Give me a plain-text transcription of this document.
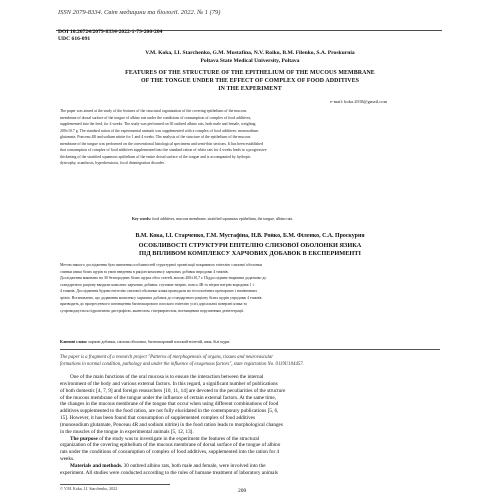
ISSN 2079-8334. Світ медицини та біології. 2022. № 1 (79)
DOI 10.26724/2079-8334-2022-1-79-200-204
UDC 616-091
V.M. Koka, I.I. Starchenko, G.M. Mustafina, N.V. Roiko, B.M. Filenko, S.A. Proskurnia
Poltava State Medical University, Poltava
FEATURES OF THE STRUCTURE OF THE EPITHELIUM OF THE MUCOUS MEMBRANE
OF THE TONGUE UNDER THE EFFECT OF COMPLEX OF FOOD ADDITIVES
IN THE EXPERIMENT
e-mail: koka.2018@gmail.com
The paper was aimed at the study of the features of the structural organization of the covering epithelium of the mucous
membrane of dorsal surface of the tongue of albino rats under the conditions of consumption of complex of food additives,
supplemented into the feed, for 4 weeks. The study was performed on 30 outbred albino rats, both male and female, weighing
200±10.7 g. The standard ration of the experimental animals was supplemented with a complex of food additives: monosodium
glutamate, Ponceau 4R and sodium nitrite for 1 and 4 weeks. The analysis of the structure of the epithelium of the mucous
membrane of the tongue was performed on the conventional histological specimens and semi-thin sections. It has been established
that consumption of complex of food additives supplemented into the standard ration of white rats for 4 weeks leads to a progressive
thickening of the stratified squamous epithelium of the entire dorsal surface of the tongue and is accompanied by hydropic
dystrophy, acanthosis, hyperkeratosis, focal disintegration disorder.
Key words: food additives, mucous membrane, stratified squamous epithelium, the tongue, albino rats.
В.М. Кока, І.І. Старченко, Г.М. Мустафіна, Н.В. Ройко, Б.М. Філенко, С.А. Проскурня
ОСОБЛИВОСТІ СТРУКТУРИ ЕПІТЕЛІЮ СЛИЗОВОЇ ОБОЛОНКИ ЯЗИКА
ПІД ВПЛИВОМ КОМПЛЕКСУ ХАРЧОВИХ ДОБАВОК В ЕКСПЕРИМЕНТІ
Метою нашого дослідження було вивчення особливостей структурної організації покривного епітелію слизової оболонки
спинки язика білих щурів за умов введення в раціон комплексу харчових добавок впродовж 4 тижнів.
Дослідження виконано на 30 безпородних білих щурах обох статей, масою 200±10,7 г. Піддослідним тваринам додатково до
стандартного раціону вводили комплекс харчових добавок: глутамат натрію, понсо 4R та нітрит натрію впродовж 1 і
4 тижнів. Дослідження будови епітелію слизової оболонки язика проводили на гістологічних препаратах і напівтонких
зрізах. Встановлено, що додавання комплексу харчових добавок до стандартного раціону білих щурів упродовж 4 тижнів
призводить до прогресуючого потовщення багатошарового плоского епітелію усієї дорсальної поверхні язика та
супроводжується гідропічною дистрофією, акантозом, гіперкератозом, вогнищевим порушенням дезінтеграції.
Ключові слова: харчові добавки, слизова оболонка, багатошаровий плоский епітелій, язик, білі щури.
The paper is a fragment of a research project "Patterns of morphogenesis of organs, tissues and neurovascular
formations in normal condition, pathology and under the influence of exogenous factors", state registration No. 0119U104457.
One of the main functions of the oral mucosa is to ensure the interaction between the internal
environment of the body and various external factors. In this regard, a significant number of publications
of both domestic [4, 7, 9] and foreign researchers [10, 11, 14] are devoted to the peculiarities of the structure
of the mucous membrane of the tongue under the influence of certain external factors. At the same time,
the changes in the mucous membrane of the tongue that occur when using different combinations of food
additives supplemented to the food ration, are not fully elucidated in the contemporary publications [5, 6,
15]. However, it has been found that consumption of supplemented complex of food additives
(monosodium glutamate, Ponceau 4R and sodium nitrite) in the food ration leads to morphological changes
in the muscles of the tongue in experimental animals [5, 12, 13].
The purpose of the study was to investigate in the experiment the features of the structural
organization of the covering epithelium of the mucous membrane of dorsal surface of the tongue of albino
rats under the conditions of consumption of complex of food additives, supplemented into the ration for 4
weeks.
Materials and methods. 30 outbred albino rats, both male and female, were involved into the
experiment. All studies were conducted according to the rules of humane treatment of laboratory animals
© V.M. Koka, I.I. Starchenko, 2022	200
